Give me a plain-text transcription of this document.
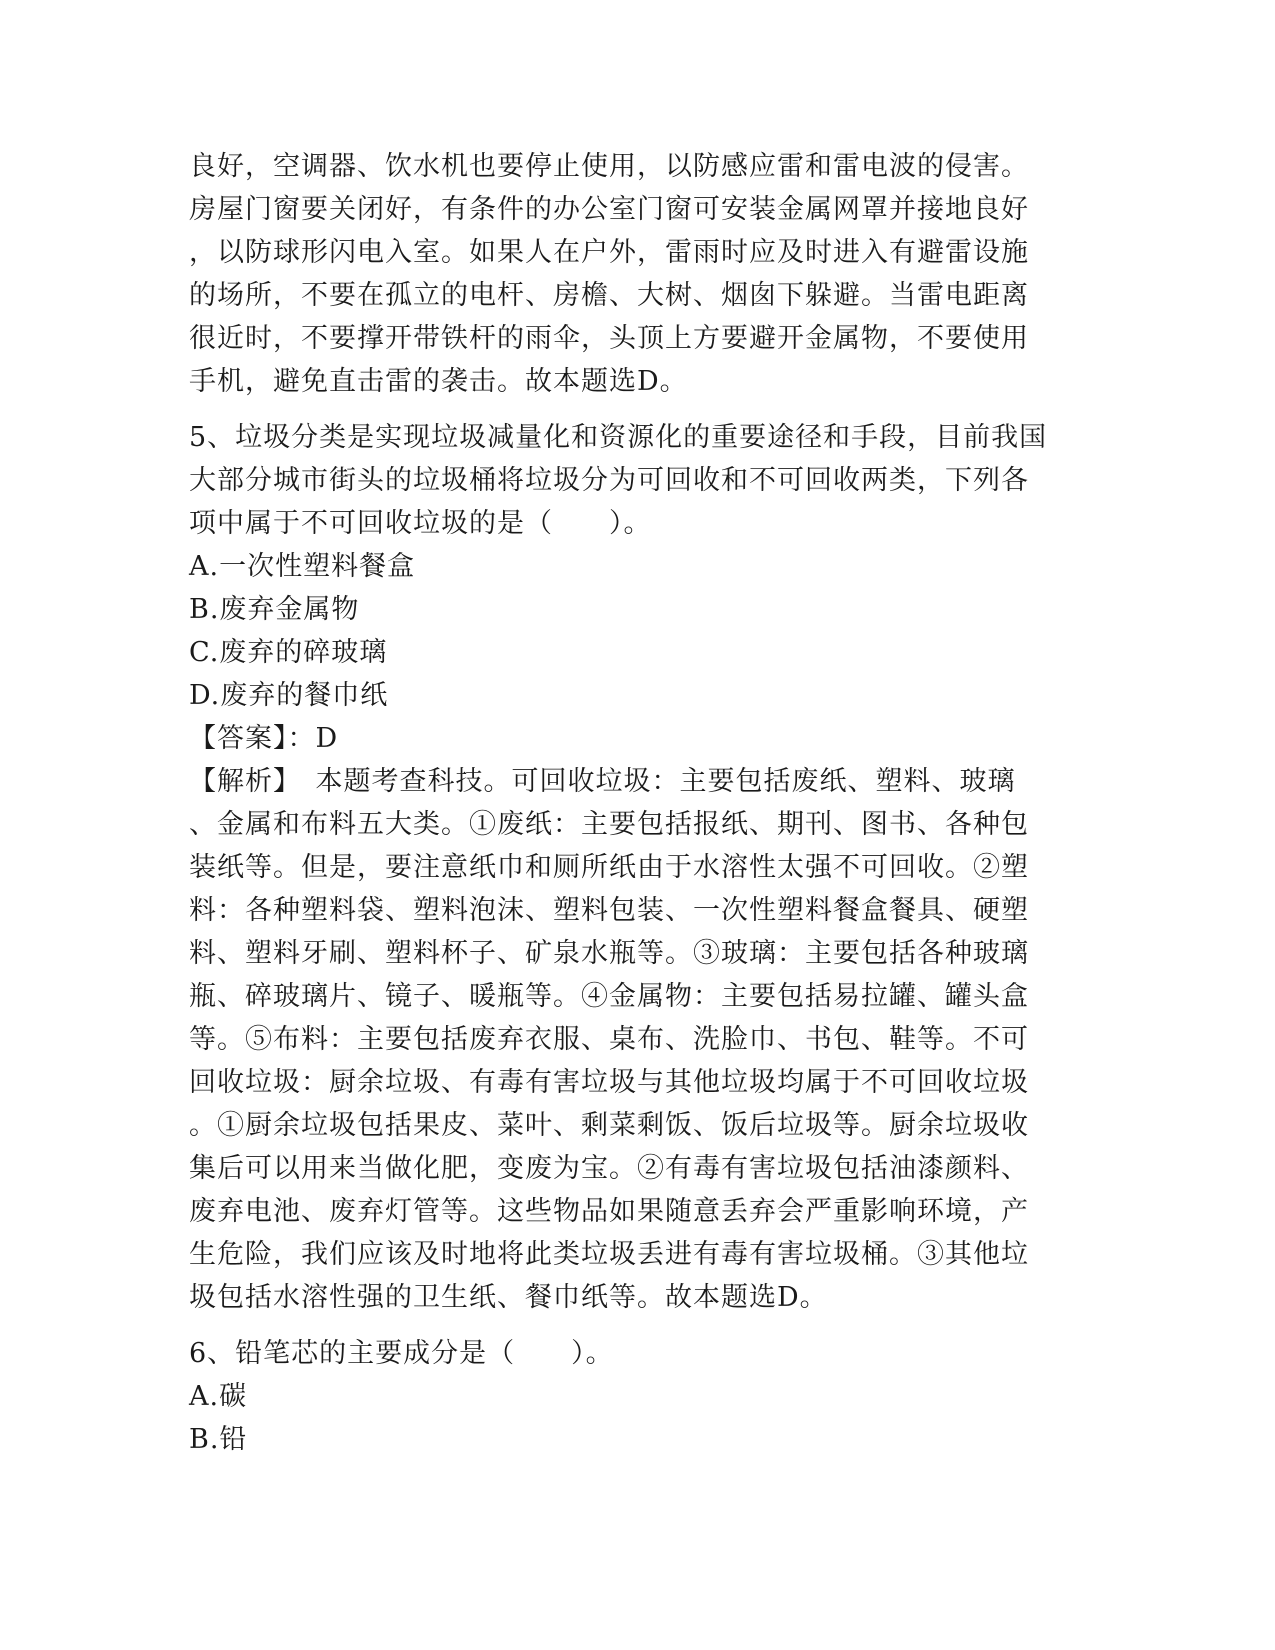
良好，空调器、饮水机也要停止使用，以防感应雷和雷电波的侵害。
房屋门窗要关闭好，有条件的办公室门窗可安装金属网罩并接地良好
，以防球形闪电入室。如果人在户外，雷雨时应及时进入有避雷设施
的场所，不要在孤立的电杆、房檐、大树、烟囱下躲避。当雷电距离
很近时，不要撑开带铁杆的雨伞，头顶上方要避开金属物，不要使用
手机，避免直击雷的袭击。故本题选D。
5、垃圾分类是实现垃圾减量化和资源化的重要途径和手段，目前我国
大部分城市街头的垃圾桶将垃圾分为可回收和不可回收两类，下列各
项中属于不可回收垃圾的是（　　）。
A.一次性塑料餐盒
B.废弃金属物
C.废弃的碎玻璃
D.废弃的餐巾纸
【答案】：D
【解析】　本题考查科技。可回收垃圾：主要包括废纸、塑料、玻璃
、金属和布料五大类。①废纸：主要包括报纸、期刊、图书、各种包
装纸等。但是，要注意纸巾和厕所纸由于水溶性太强不可回收。②塑
料：各种塑料袋、塑料泡沫、塑料包装、一次性塑料餐盒餐具、硬塑
料、塑料牙刷、塑料杯子、矿泉水瓶等。③玻璃：主要包括各种玻璃
瓶、碎玻璃片、镜子、暖瓶等。④金属物：主要包括易拉罐、罐头盒
等。⑤布料：主要包括废弃衣服、桌布、洗脸巾、书包、鞋等。不可
回收垃圾：厨余垃圾、有毒有害垃圾与其他垃圾均属于不可回收垃圾
。①厨余垃圾包括果皮、菜叶、剩菜剩饭、饭后垃圾等。厨余垃圾收
集后可以用来当做化肥，变废为宝。②有毒有害垃圾包括油漆颜料、
废弃电池、废弃灯管等。这些物品如果随意丢弃会严重影响环境，产
生危险，我们应该及时地将此类垃圾丢进有毒有害垃圾桶。③其他垃
圾包括水溶性强的卫生纸、餐巾纸等。故本题选D。
6、铅笔芯的主要成分是（　　）。
A.碳
B.铅
